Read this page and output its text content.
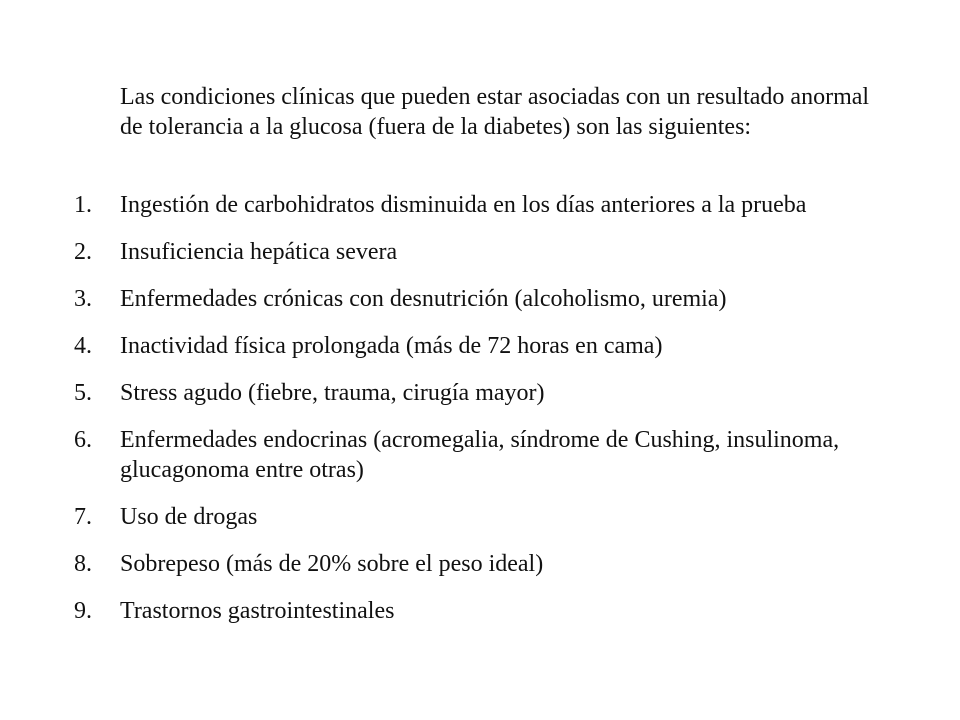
Las condiciones clínicas que pueden estar asociadas con un resultado anormal de tolerancia a la glucosa (fuera de la diabetes) son las siguientes:
1.	Ingestión de carbohidratos disminuida en los días anteriores a la prueba
2.	Insuficiencia hepática severa
3.	Enfermedades crónicas con desnutrición (alcoholismo, uremia)
4.	Inactividad física prolongada (más de 72 horas en cama)
5.	Stress agudo (fiebre, trauma, cirugía mayor)
6.	Enfermedades endocrinas (acromegalia, síndrome de Cushing, insulinoma, glucagonoma entre otras)
7.	Uso de drogas
8.	Sobrepeso (más de 20% sobre el peso ideal)
9.	Trastornos gastrointestinales
